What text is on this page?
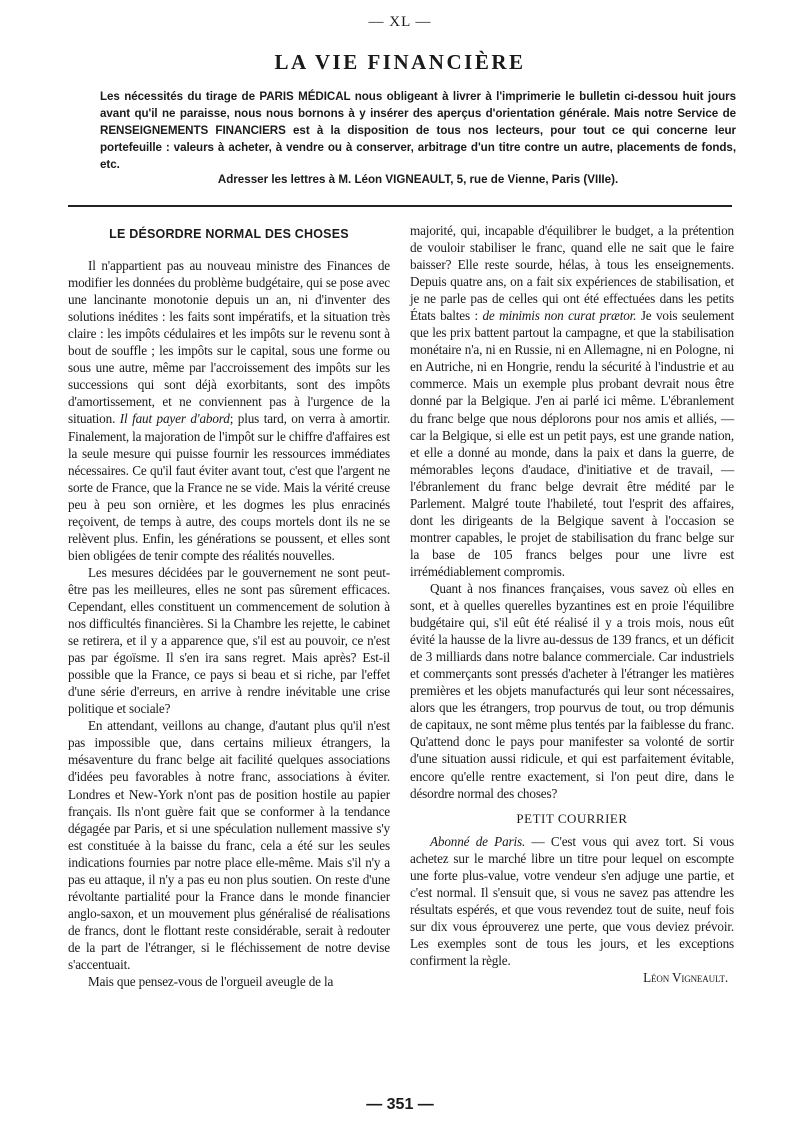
— XL —
LA VIE FINANCIÈRE

Les nécessités du tirage de PARIS MÉDICAL nous obligeant à livrer à l'imprimerie le bulletin ci-dessou huit jours avant qu'il ne paraisse, nous nous bornons à y insérer des aperçus d'orientation générale. Mais notre Service de RENSEIGNEMENTS FINANCIERS est à la disposition de tous nos lecteurs, pour tout ce qui concerne leur portefeuille : valeurs à acheter, à vendre ou à conserver, arbitrage d'un titre contre un autre, placements de fonds, etc.

Adresser les lettres à M. Léon VIGNEAULT, 5, rue de Vienne, Paris (VIIIe).
LE DÉSORDRE NORMAL DES CHOSES

Il n'appartient pas au nouveau ministre des Finances de modifier les données du problème budgétaire, qui se pose avec une lancinante monotonie depuis un an, ni d'inventer des solutions inédites : les faits sont impératifs, et la situation très claire : les impôts cédulaires et les impôts sur le revenu sont à bout de souffle ; les impôts sur le capital, sous une forme ou sous une autre, même par l'accroissement des impôts sur les successions qui sont déjà exorbitants, sont des impôts d'amortissement, et ne conviennent pas à l'urgence de la situation. Il faut payer d'abord; plus tard, on verra à amortir. Finalement, la majoration de l'impôt sur le chiffre d'affaires est la seule mesure qui puisse fournir les ressources immédiates nécessaires. Ce qu'il faut éviter avant tout, c'est que l'argent ne sorte de France, que la France ne se vide. Mais la vérité creuse peu à peu son ornière, et les dogmes les plus enracinés reçoivent, de temps à autre, des coups mortels dont ils ne se relèvent plus. Enfin, les générations se poussent, et elles sont bien obligées de tenir compte des réalités nouvelles.

Les mesures décidées par le gouvernement ne sont peut-être pas les meilleures, elles ne sont pas sûrement efficaces. Cependant, elles constituent un commencement de solution à nos difficultés financières. Si la Chambre les rejette, le cabinet se retirera, et il y a apparence que, s'il est au pouvoir, ce n'est pas par égoïsme. Il s'en ira sans regret. Mais après? Est-il possible que la France, ce pays si beau et si riche, par l'effet d'une série d'erreurs, en arrive à rendre inévitable une crise politique et sociale?

En attendant, veillons au change, d'autant plus qu'il n'est pas impossible que, dans certains milieux étrangers, la mésaventure du franc belge ait facilité quelques associations d'idées peu favorables à notre franc, associations à éviter. Londres et New-York n'ont pas de position hostile au papier français. Ils n'ont guère fait que se conformer à la tendance dégagée par Paris, et si une spéculation nullement massive s'y est constituée à la baisse du franc, cela a été sur les seules indications fournies par notre place elle-même. Mais s'il n'y a pas eu attaque, il n'y a pas eu non plus soutien. On reste d'une révoltante partialité pour la France dans le monde financier anglo-saxon, et un mouvement plus généralisé de réalisations de francs, dont le flottant reste considérable, serait à redouter de la part de l'étranger, si le fléchissement de notre devise s'accentuait.

Mais que pensez-vous de l'orgueil aveugle de la

majorité, qui, incapable d'équilibrer le budget, a la prétention de vouloir stabiliser le franc, quand elle ne sait que le faire baisser? Elle reste sourde, hélas, à tous les enseignements. Depuis quatre ans, on a fait six expériences de stabilisation, et je ne parle pas de celles qui ont été effectuées dans les petits États baltes : de minimis non curat prætor. Je vois seulement que les prix battent partout la campagne, et que la stabilisation monétaire n'a, ni en Russie, ni en Allemagne, ni en Pologne, ni en Autriche, ni en Hongrie, rendu la sécurité à l'industrie et au commerce. Mais un exemple plus probant devrait nous être donné par la Belgique. J'en ai parlé ici même. L'ébranlement du franc belge que nous déplorons pour nos amis et alliés, — car la Belgique, si elle est un petit pays, est une grande nation, et elle a donné au monde, dans la paix et dans la guerre, de mémorables leçons d'audace, d'initiative et de travail, — l'ébranlement du franc belge devrait être médité par le Parlement. Malgré toute l'habileté, tout l'esprit des affaires, dont les dirigeants de la Belgique savent à l'occasion se montrer capables, le projet de stabilisation du franc belge sur la base de 105 francs belges pour une livre est irrémédiablement compromis.

Quant à nos finances françaises, vous savez où elles en sont, et à quelles querelles byzantines est en proie l'équilibre budgétaire qui, s'il eût été réalisé il y a trois mois, nous eût évité la hausse de la livre au-dessus de 139 francs, et un déficit de 3 milliards dans notre balance commerciale. Car industriels et commerçants sont pressés d'acheter à l'étranger les matières premières et les objets manufacturés qui leur sont nécessaires, alors que les étrangers, trop pourvus de tout, ou trop démunis de capitaux, ne sont même plus tentés par la faiblesse du franc. Qu'attend donc le pays pour manifester sa volonté de sortir d'une situation aussi ridicule, et qui est parfaitement évitable, encore qu'elle rentre exactement, si l'on peut dire, dans le désordre normal des choses?

PETIT COURRIER

Abonné de Paris. — C'est vous qui avez tort. Si vous achetez sur le marché libre un titre pour lequel on escompte une forte plus-value, votre vendeur s'en adjuge une partie, et c'est normal. Il s'ensuit que, si vous ne savez pas attendre les résultats espérés, et que vous revendez tout de suite, neuf fois sur dix vous éprouverez une perte, que vous deviez prévoir. Les exemples sont de tous les jours, et les exceptions confirment la règle.

Léon Vigneault.
— 351 —
